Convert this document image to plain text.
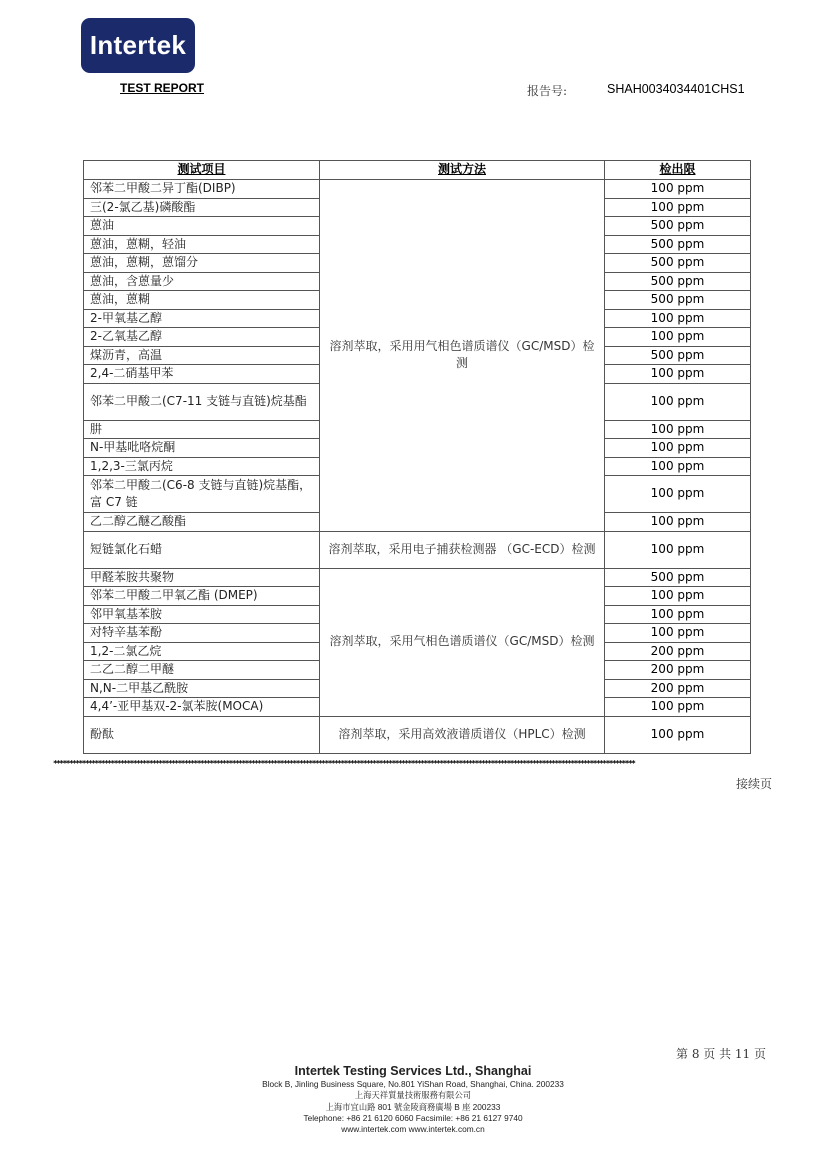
Intertek
TEST REPORT	报告号:	SHAH0034034401CHS1
测试项目	测试方法	检出限
邻苯二甲酸二异丁酯(DIBP)	溶剂萃取，采用用气相色谱质谱仪（GC/MSD）检测	100 ppm
三(2-氯乙基)磷酸酯		100 ppm
蒽油		500 ppm
蒽油，蒽糊，轻油		500 ppm
蒽油，蒽糊，蒽馏分		500 ppm
蒽油，含蒽量少		500 ppm
蒽油，蒽糊		500 ppm
2-甲氧基乙醇		100 ppm
2-乙氧基乙醇		100 ppm
煤沥青，高温		500 ppm
2,4-二硝基甲苯		100 ppm
邻苯二甲酸二(C7-11 支链与直链)烷基酯		100 ppm
肼		100 ppm
N-甲基吡咯烷酮		100 ppm
1,2,3-三氯丙烷		100 ppm
邻苯二甲酸二(C6-8 支链与直链)烷基酯，富 C7 链		100 ppm
乙二醇乙醚乙酸酯		100 ppm
短链氯化石蜡	溶剂萃取，采用电子捕获检测器 （GC-ECD）检测	100 ppm
甲醛苯胺共聚物	溶剂萃取，采用气相色谱质谱仪（GC/MSD）检测	500 ppm
邻苯二甲酸二甲氧乙酯 (DMEP)		100 ppm
邻甲氧基苯胺		100 ppm
对特辛基苯酚		100 ppm
1,2-二氯乙烷		200 ppm
二乙二醇二甲醚		200 ppm
N,N-二甲基乙酰胺		200 ppm
4,4’-亚甲基双-2-氯苯胺(MOCA)		100 ppm
酚酞	溶剂萃取，采用高效液谱质谱仪（HPLC）检测	100 ppm
**************************************************************************************************************************************************************************************
接续页
第 8 页 共 11 页
Intertek Testing Services Ltd., Shanghai
Block B, Jinling Business Square, No.801 YiShan Road, Shanghai, China. 200233
上海天祥質量技術服務有限公司
上海市宜山路 801 號金陵商務廣場 B 座 200233
Telephone: +86 21 6120 6060 Facsimile: +86 21 6127 9740
www.intertek.com www.intertek.com.cn
